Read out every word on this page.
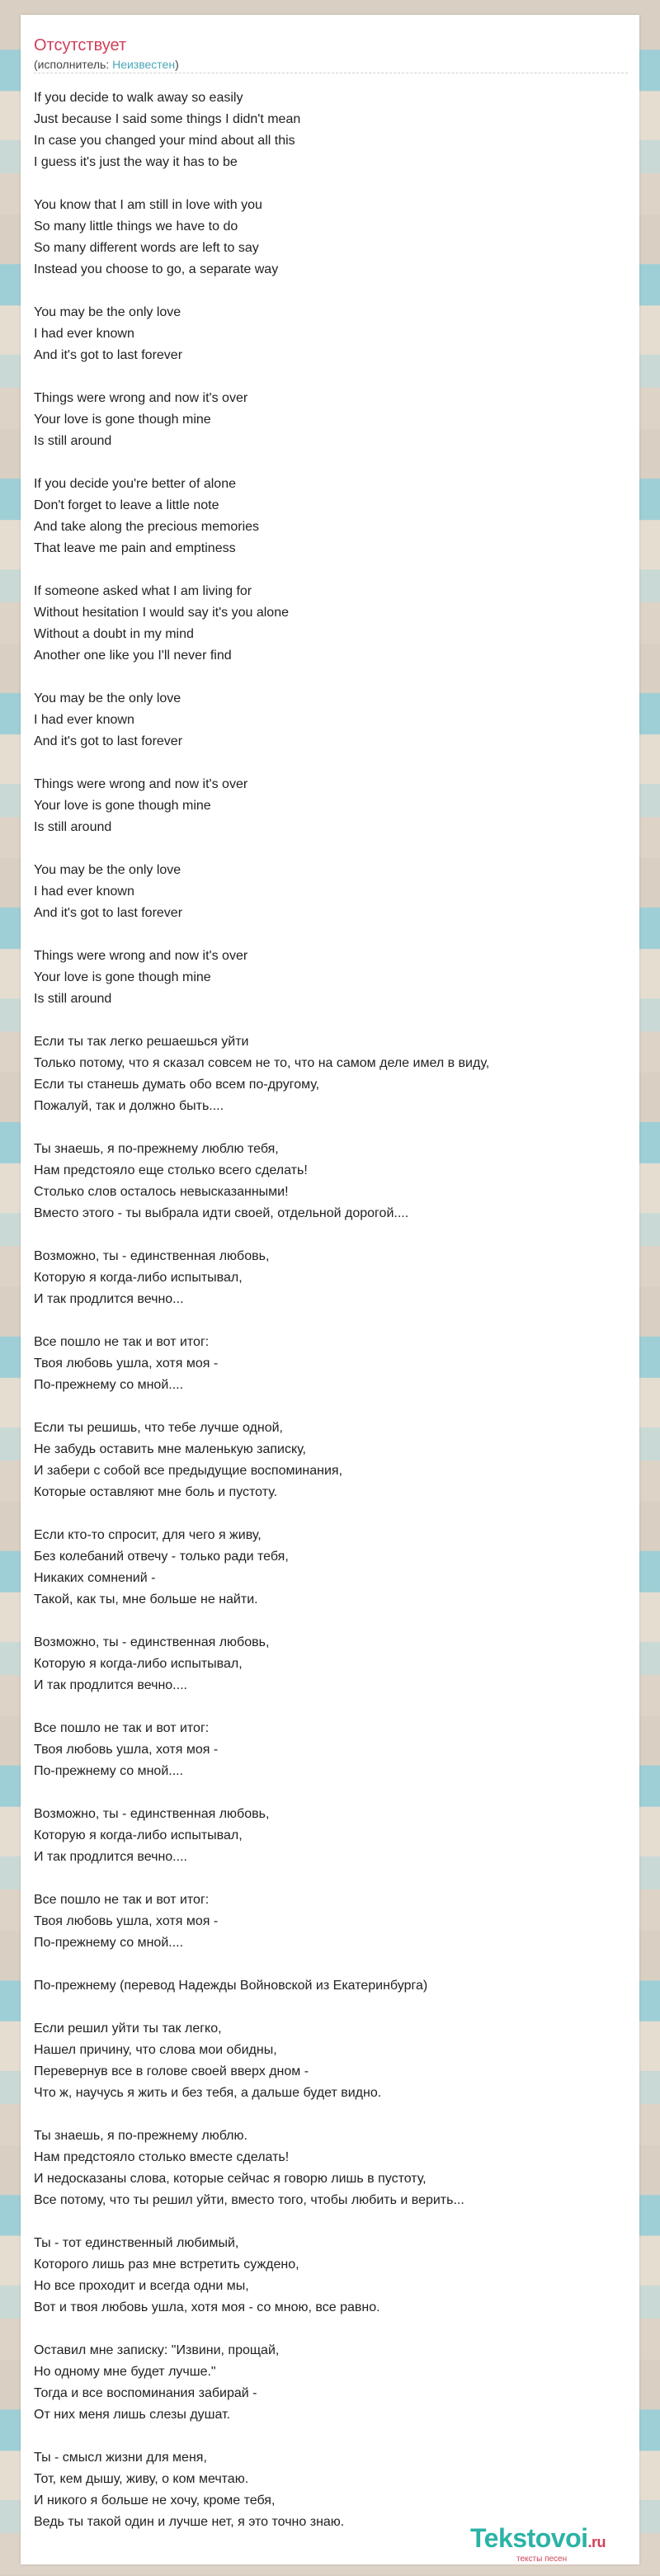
Отсутствует
(исполнитель: Неизвестен)
If you decide to walk away so easily
Just because I said some things I didn't mean
In case you changed your mind about all this
I guess it's just the way it has to be

You know that I am still in love with you
So many little things we have to do
So many different words are left to say
Instead you choose to go, a separate way

You may be the only love
I had ever known
And it's got to last forever

Things were wrong and now it's over
Your love is gone though mine
Is still around

If you decide you're better of alone
Don't forget to leave a little note
And take along the precious memories
That leave me pain and emptiness

If someone asked what I am living for
Without hesitation I would say it's you alone
Without a doubt in my mind
Another one like you I'll never find

You may be the only love
I had ever known
And it's got to last forever

Things were wrong and now it's over
Your love is gone though mine
Is still around

You may be the only love
I had ever known
And it's got to last forever

Things were wrong and now it's over
Your love is gone though mine
Is still around

Если ты так легко решаешься уйти
Только потому, что я сказал совсем не то, что на самом деле имел в виду,
Если ты станешь думать обо всем по-другому,
Пожалуй, так и должно быть....

Ты знаешь, я по-прежнему люблю тебя,
Нам предстояло еще столько всего сделать!
Столько слов осталось невысказанными!
Вместо этого - ты выбрала идти своей, отдельной дорогой....

Возможно, ты - единственная любовь,
Которую я когда-либо испытывал,
И так продлится вечно...

Все пошло не так и вот итог:
Твоя любовь ушла, хотя моя -
По-прежнему со мной....

Если ты решишь, что тебе лучше одной,
Не забудь оставить мне маленькую записку,
И забери с собой все предыдущие воспоминания,
Которые оставляют мне боль и пустоту.

Если кто-то спросит, для чего я живу,
Без колебаний отвечу - только ради тебя,
Никаких сомнений -
Такой, как ты, мне больше не найти.

Возможно, ты - единственная любовь,
Которую я когда-либо испытывал,
И так продлится вечно....

Все пошло не так и вот итог:
Твоя любовь ушла, хотя моя -
По-прежнему со мной....

Возможно, ты - единственная любовь,
Которую я когда-либо испытывал,
И так продлится вечно....

Все пошло не так и вот итог:
Твоя любовь ушла, хотя моя -
По-прежнему со мной....

По-прежнему (перевод Надежды Войновской из Екатеринбурга)

Если решил уйти ты так легко,
Нашел причину, что слова мои обидны,
Перевернув все в голове своей вверх дном -
Что ж, научусь я жить и без тебя, а дальше будет видно.

Ты знаешь, я по-прежнему люблю.
Нам предстояло столько вместе сделать!
И недосказаны слова, которые сейчас я говорю лишь в пустоту,
Все потому, что ты решил уйти, вместо того, чтобы любить и верить...

Ты - тот единственный любимый,
Которого лишь раз мне встретить суждено,
Но все проходит и всегда одни мы,
Вот и твоя любовь ушла, хотя моя - со мною, все равно.

Оставил мне записку: "Извини, прощай,
Но одному мне будет лучше."
Тогда и все воспоминания забирай -
От них меня лишь слезы душат.

Ты - смысл жизни для меня,
Тот, кем дышу, живу, о ком мечтаю.
И никого я больше не хочу, кроме тебя,
Ведь ты такой один и лучше нет, я это точно знаю.
Tekstovoi.ru
тексты песен
